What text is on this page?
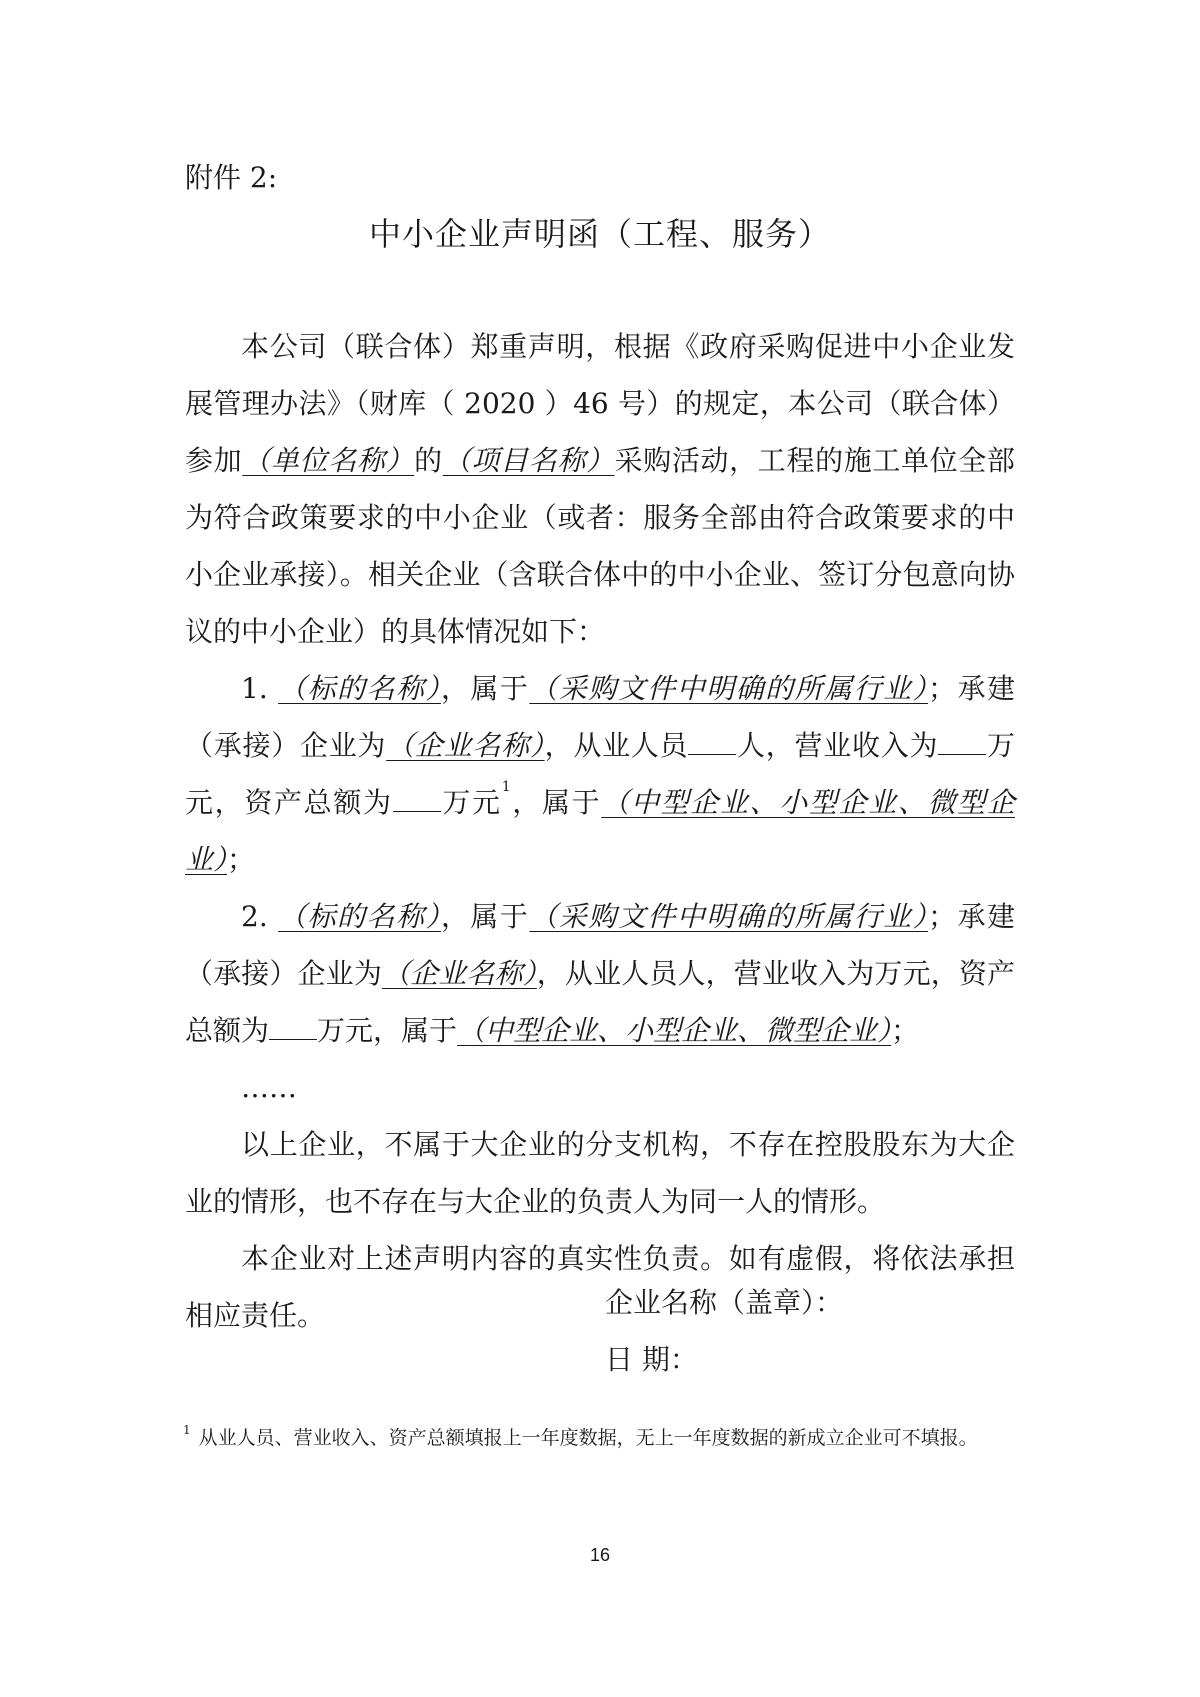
附件 2:
中小企业声明函（工程、服务）

本公司（联合体）郑重声明，根据《政府采购促进中小企业发展管理办法》（财库（ 2020 ）46 号）的规定，本公司（联合体）参加（单位名称）的（项目名称）采购活动，工程的施工单位全部为符合政策要求的中小企业（或者：服务全部由符合政策要求的中小企业承接）。相关企业（含联合体中的中小企业、签订分包意向协议的中小企业）的具体情况如下：

1. （标的名称），属于（采购文件中明确的所属行业）；承建（承接）企业为（企业名称），从业人员 人，营业收入为 万元，资产总额为 万元$^1$，属于（中型企业、小型企业、微型企业）；

2. （标的名称），属于（采购文件中明确的所属行业）；承建（承接）企业为（企业名称），从业人员人，营业收入为万元，资产总额为 万元，属于（中型企业、小型企业、微型企业）；

……

以上企业，不属于大企业的分支机构，不存在控股股东为大企业的情形，也不存在与大企业的负责人为同一人的情形。

本企业对上述声明内容的真实性负责。如有虚假，将依法承担相应责任。	企业名称（盖章）：
日 期：
$^1$ 从业人员、营业收入、资产总额填报上一年度数据，无上一年度数据的新成立企业可不填报。
16
